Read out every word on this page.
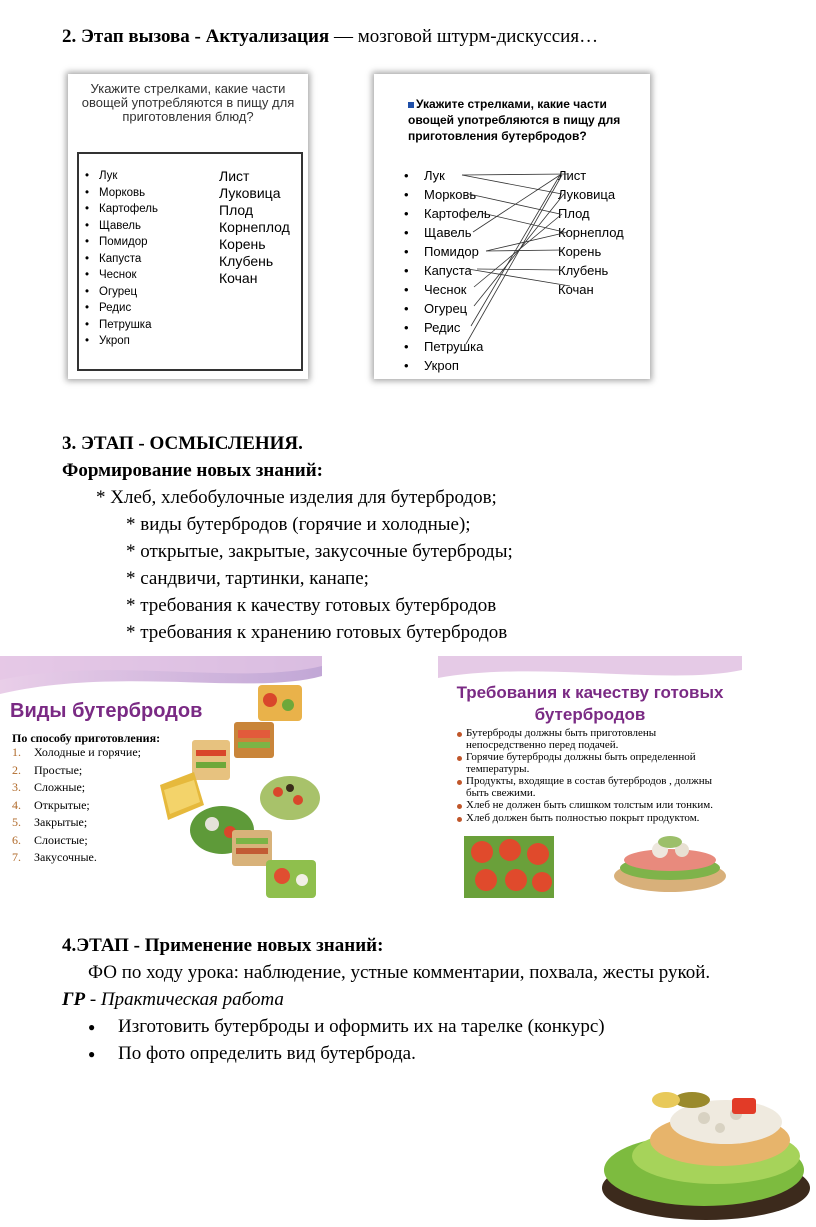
2. Этап вызова - Актуализация — мозговой штурм-дискуссия…
Укажите стрелками, какие части овощей употребляются в пищу для приготовления блюд?
• Лук
• Морковь
• Картофель
• Щавель
• Помидор
• Капуста
• Чеснок
• Огурец
• Редис
• Петрушка
• Укроп
Лист
Луковица
Плод
Корнеплод
Корень
Клубень
Кочан
Укажите стрелками, какие части овощей употребляются в пищу для приготовления бутербродов?
• Лук
• Морковь
• Картофель
• Щавель
• Помидор
• Капуста
• Чеснок
• Огурец
• Редис
• Петрушка
• Укроп
Лист
Луковица
Плод
Корнеплод
Корень
Клубень
Кочан
3. ЭТАП - ОСМЫСЛЕНИЯ.
Формирование новых знаний:
* Хлеб, хлебобулочные изделия для бутербродов;
* виды бутербродов (горячие и холодные);
* открытые, закрытые, закусочные бутерброды;
* сандвичи, тартинки, канапе;
* требования к качеству готовых бутербродов
* требования к хранению готовых бутербродов
Виды бутербродов
По способу приготовления:
1. Холодные и горячие;
2. Простые;
3. Сложные;
4. Открытые;
5. Закрытые;
6. Слоистые;
7. Закусочные.
Требования к качеству готовых бутербродов
Бутерброды должны быть приготовлены непосредственно перед подачей.
Горячие бутерброды должны быть определенной температуры.
Продукты, входящие в состав бутербродов , должны быть свежими.
Хлеб не должен быть слишком толстым или тонким.
Хлеб должен быть полностью покрыт продуктом.
4.ЭТАП - Применение новых знаний:
ФО по ходу урока: наблюдение, устные комментарии, похвала, жесты рукой.
ГР - Практическая работа
● Изготовить бутерброды и оформить их на тарелке (конкурс)
● По фото определить вид бутерброда.
